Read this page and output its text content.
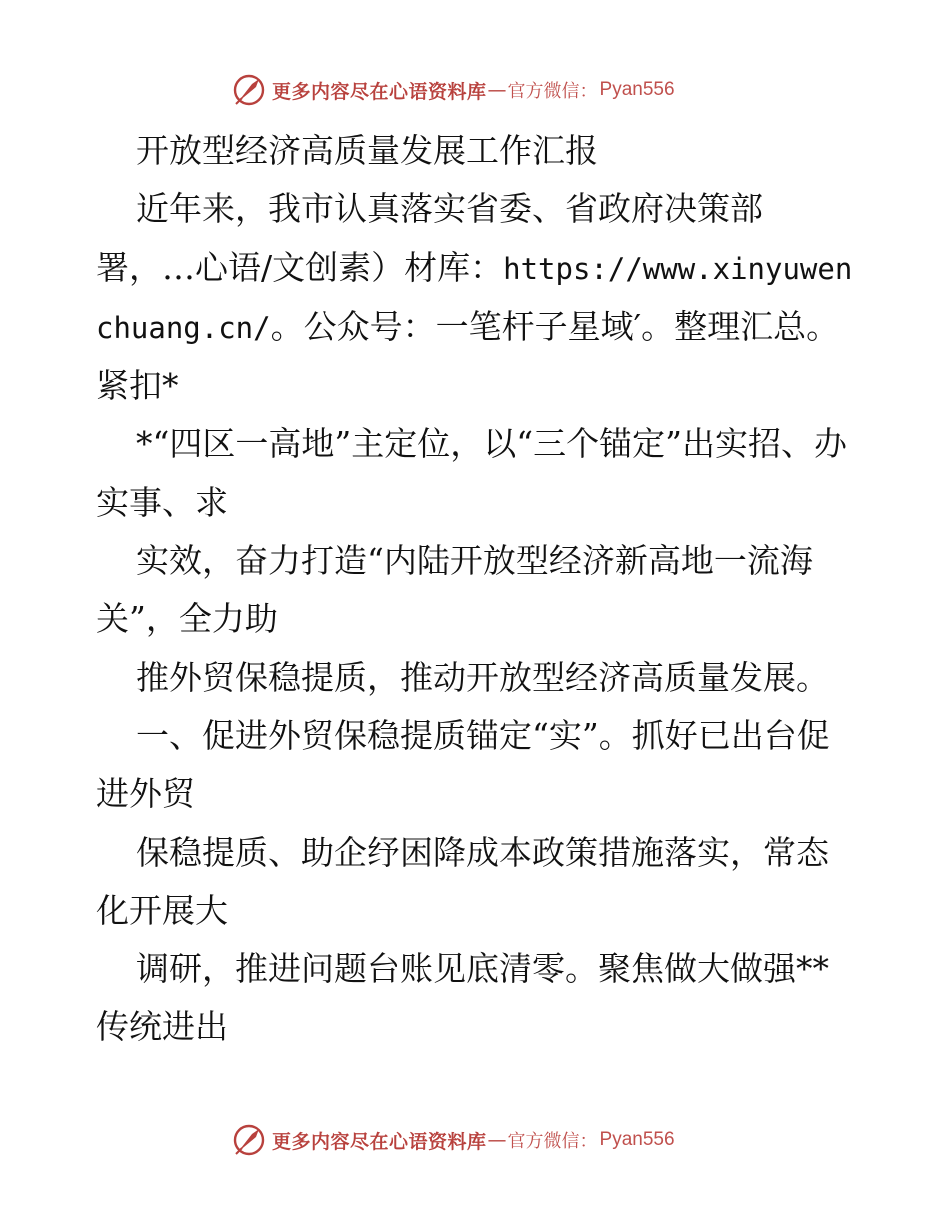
更多内容尽在心语资料库 — 官方微信： Pyan556

开放型经济高质量发展工作汇报

近年来，我市认真落实省委、省政府决策部署，…心语/文创素）材库：https://www.xinyuwenchuang.cn/。公众号：一笔杆子星域′。整理汇总。紧扣*

*“四区一高地”主定位，以“三个锚定”出实招、办实事、求

实效，奋力打造“内陆开放型经济新高地一流海关”，全力助

推外贸保稳提质，推动开放型经济高质量发展。

一、促进外贸保稳提质锚定“实”。抓好已出台促进外贸

保稳提质、助企纾困降成本政策措施落实，常态化开展大

调研，推进问题台账见底清零。聚焦做大做强**传统进出

更多内容尽在心语资料库 — 官方微信： Pyan556
